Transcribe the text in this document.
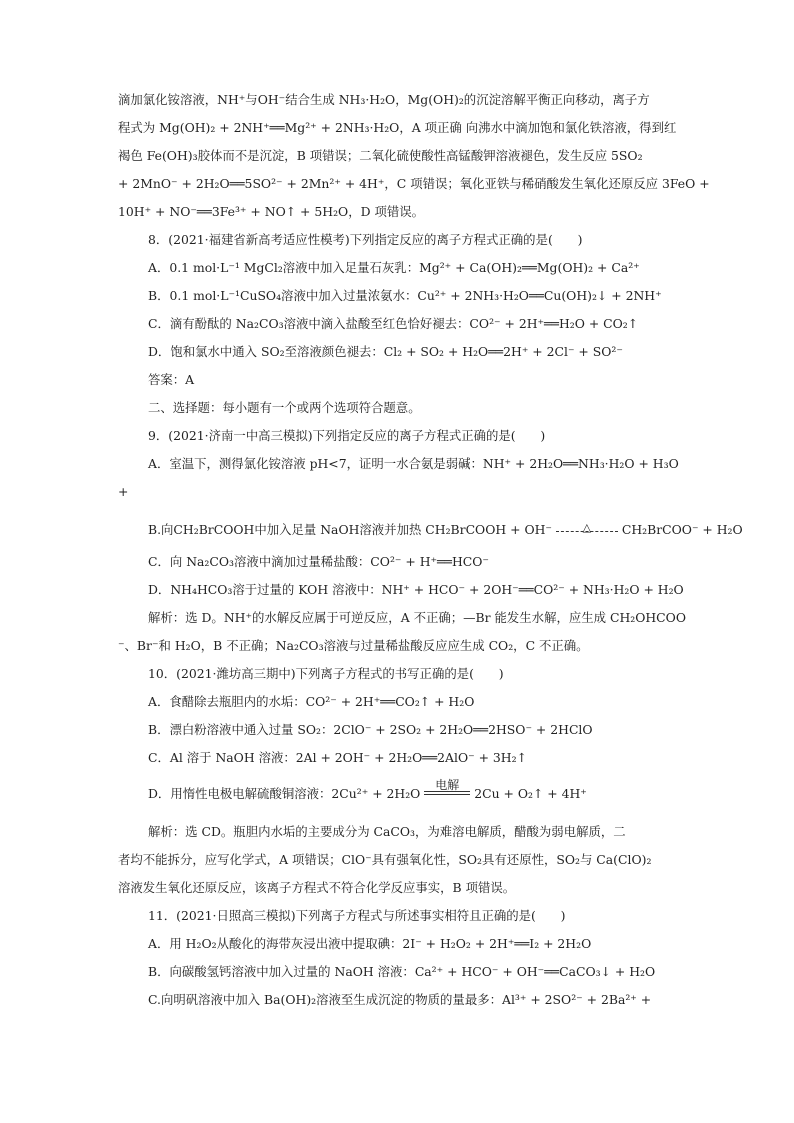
滴加氯化铵溶液，NH⁺与OH⁻结合生成 NH₃·H₂O，Mg(OH)₂的沉淀溶解平衡正向移动，离子方
程式为 Mg(OH)₂ + 2NH⁺══Mg²⁺ + 2NH₃·H₂O，A 项正确 向沸水中滴加饱和氯化铁溶液，得到红
褐色 Fe(OH)₃胶体而不是沉淀，B 项错误；二氧化硫使酸性高锰酸钾溶液褪色，发生反应 5SO₂
+ 2MnO⁻ + 2H₂O══5SO²⁻ + 2Mn²⁺ + 4H⁺，C 项错误；氧化亚铁与稀硝酸发生氧化还原反应 3FeO +
10H⁺ + NO⁻══3Fe³⁺ + NO↑ + 5H₂O，D 项错误。
8．(2021·福建省新高考适应性模考)下列指定反应的离子方程式正确的是(　　)
A．0.1 mol·L⁻¹ MgCl₂溶液中加入足量石灰乳：Mg²⁺ + Ca(OH)₂══Mg(OH)₂ + Ca²⁺
B．0.1 mol·L⁻¹CuSO₄溶液中加入过量浓氨水：Cu²⁺ + 2NH₃·H₂O══Cu(OH)₂↓ + 2NH⁺
C．滴有酚酞的 Na₂CO₃溶液中滴入盐酸至红色恰好褪去：CO²⁻ + 2H⁺══H₂O + CO₂↑
D．饱和氯水中通入 SO₂至溶液颜色褪去：Cl₂ + SO₂ + H₂O══2H⁺ + 2Cl⁻ + SO²⁻
答案：A
二、选择题：每小题有一个或两个选项符合题意。
9．(2021·济南一中高三模拟)下列指定反应的离子方程式正确的是(　　)
A．室温下，测得氯化铵溶液 pH<7，证明一水合氨是弱碱：NH⁺ + 2H₂O══NH₃·H₂O + H₃O
+
B.向CH₂BrCOOH中加入足量 NaOH溶液并加热 CH₂BrCOOH + OH⁻	△	CH₂BrCOO⁻ + H₂O
C．向 Na₂CO₃溶液中滴加过量稀盐酸：CO²⁻ + H⁺══HCO⁻
D．NH₄HCO₃溶于过量的 KOH 溶液中：NH⁺ + HCO⁻ + 2OH⁻══CO²⁻ + NH₃·H₂O + H₂O
解析：选 D。NH⁺的水解反应属于可逆反应，A 不正确；—Br 能发生水解，应生成 CH₂OHCOO
⁻、Br⁻和 H₂O，B 不正确；Na₂CO₃溶液与过量稀盐酸反应应生成 CO₂，C 不正确。
10．(2021·潍坊高三期中)下列离子方程式的书写正确的是(　　)
A．食醋除去瓶胆内的水垢：CO²⁻ + 2H⁺══CO₂↑ + H₂O
B．漂白粉溶液中通入过量 SO₂：2ClO⁻ + 2SO₂ + 2H₂O══2HSO⁻ + 2HClO
C．Al 溶于 NaOH 溶液：2Al + 2OH⁻ + 2H₂O══2AlO⁻ + 3H₂↑
D．用惰性电极电解硫酸铜溶液：2Cu²⁺ + 2H₂O
电解
2Cu + O₂↑ + 4H⁺
解析：选 CD。瓶胆内水垢的主要成分为 CaCO₃，为难溶电解质，醋酸为弱电解质，二
者均不能拆分，应写化学式，A 项错误；ClO⁻具有强氧化性，SO₂具有还原性，SO₂与 Ca(ClO)₂
溶液发生氧化还原反应，该离子方程式不符合化学反应事实，B 项错误。
11．(2021·日照高三模拟)下列离子方程式与所述事实相符且正确的是(　　)
A．用 H₂O₂从酸化的海带灰浸出液中提取碘：2I⁻ + H₂O₂ + 2H⁺══I₂ + 2H₂O
B．向碳酸氢钙溶液中加入过量的 NaOH 溶液：Ca²⁺ + HCO⁻ + OH⁻══CaCO₃↓ + H₂O
C.向明矾溶液中加入 Ba(OH)₂溶液至生成沉淀的物质的量最多：Al³⁺ + 2SO²⁻ + 2Ba²⁺ +
